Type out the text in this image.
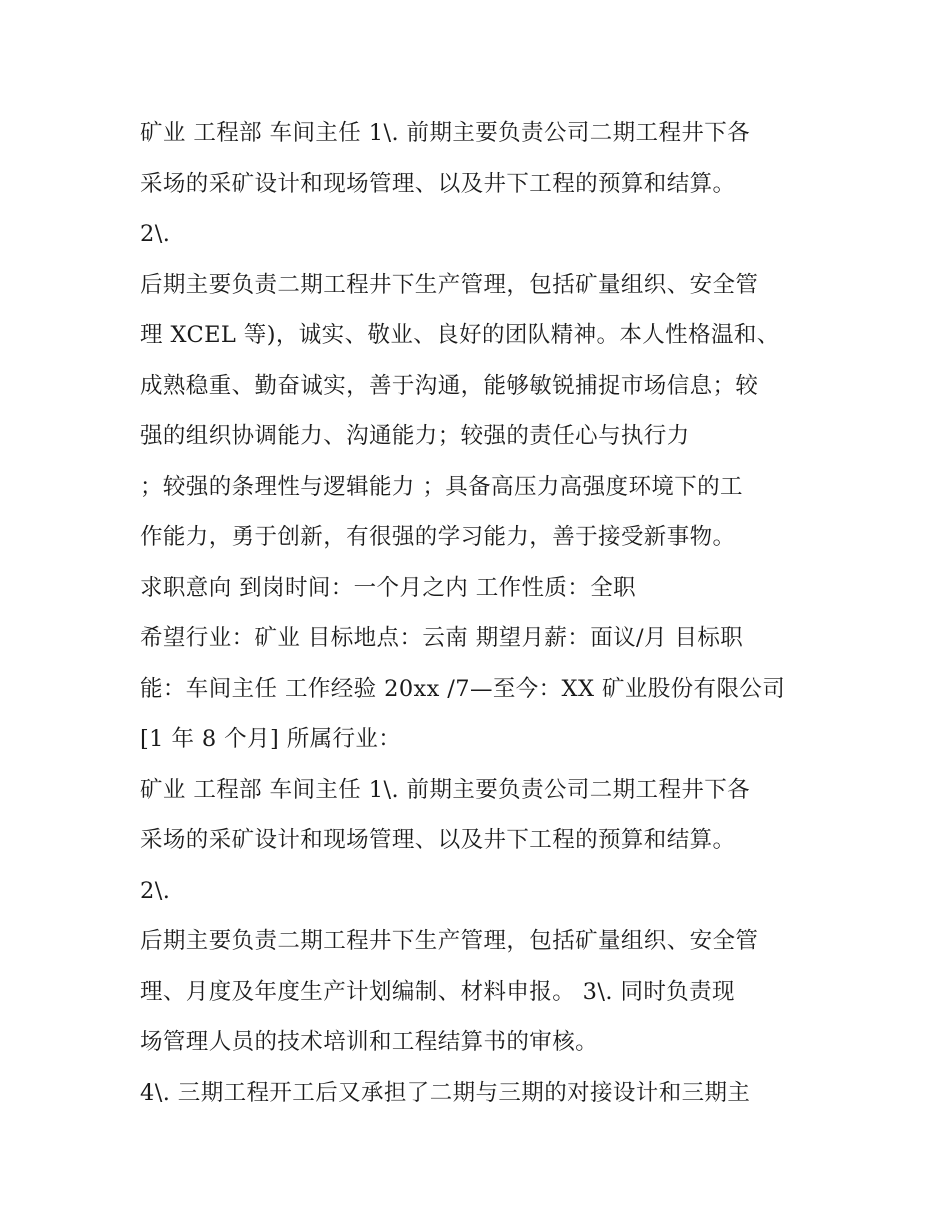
矿业 工程部 车间主任 1\. 前期主要负责公司二期工程井下各
采场的采矿设计和现场管理、以及井下工程的预算和结算。
2\.
后期主要负责二期工程井下生产管理，包括矿量组织、安全管
理 XCEL 等)，诚实、敬业、良好的团队精神。本人性格温和、
成熟稳重、勤奋诚实，善于沟通，能够敏锐捕捉市场信息；较
强的组织协调能力、沟通能力；较强的责任心与执行力
；较强的条理性与逻辑能力 ；具备高压力高强度环境下的工
作能力，勇于创新，有很强的学习能力，善于接受新事物。
求职意向 到岗时间：一个月之内 工作性质：全职
希望行业：矿业 目标地点：云南 期望月薪：面议/月 目标职
能：车间主任 工作经验 20xx /7—至今：XX 矿业股份有限公司
[1 年 8 个月] 所属行业：
矿业 工程部 车间主任 1\. 前期主要负责公司二期工程井下各
采场的采矿设计和现场管理、以及井下工程的预算和结算。
2\.
后期主要负责二期工程井下生产管理，包括矿量组织、安全管
理、月度及年度生产计划编制、材料申报。 3\. 同时负责现
场管理人员的技术培训和工程结算书的审核。
4\. 三期工程开工后又承担了二期与三期的对接设计和三期主
